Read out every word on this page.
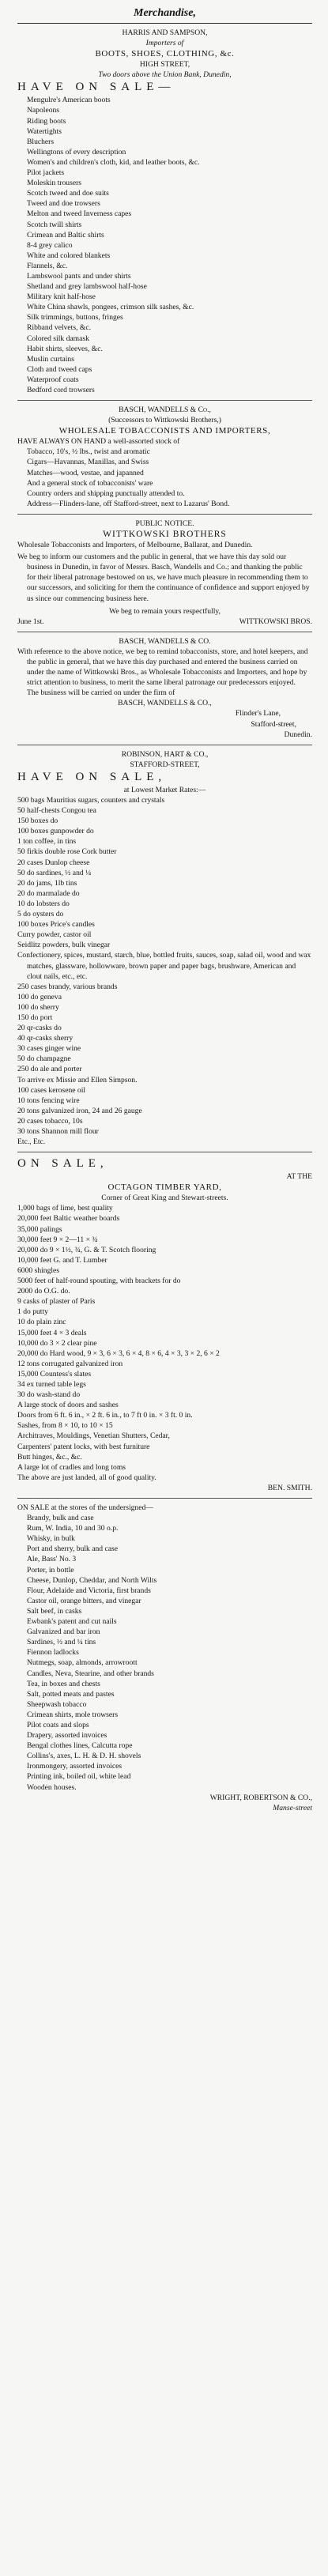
Merchandise,
HARRIS AND SAMPSON,
Importers of
BOOTS, SHOES, CLOTHING, &c.
HIGH STREET,
Two doors above the Union Bank, Dunedin,
HAVE ON SALE—
Mengulre's American boots
Napoleons
Riding boots
Watertights
Bluchers
Wellingtons of every description
Women's and children's cloth, kid, and leather boots, &c.
Pilot jackets
Moleskin trousers
Scotch tweed and doe suits
Tweed and doe trowsers
Melton and tweed Inverness capes
Scotch twill shirts
Crimean and Baltic shirts
8-4 grey calico
White and colored blankets
Flannels, &c.
Lambswool pants and under shirts
Shetland and grey lambswool half-hose
Military knit half-hose
White China shawls, pongees, crimson silk sashes, &c.
Silk trimmings, buttons, fringes
Ribband velvets, &c.
Colored silk damask
Habit shirts, sleeves, &c.
Muslin curtains
Cloth and tweed caps
Waterproof coats
Bedford cord trowsers
BASCH, WANDELLS & Co.,
(Successors to Wittkowski Brothers,)
WHOLESALE TOBACCONISTS AND IMPORTERS,
HAVE ALWAYS ON HAND a well-assorted stock of
Tobacco, 10's, ½ lbs., twist and aromatic
Cigars—Havannas, Manillas, and Swiss
Matches—wood, vestae, and japanned
And a general stock of tobacconists' ware
Country orders and shipping punctually attended to.
Address—Flinders-lane, off Stafford-street, next to Lazarus' Bond.
PUBLIC NOTICE.
WITTKOWSKI BROTHERS
Wholesale Tobacconists and Importers, of Melbourne, Ballarat, and Dunedin.
We beg to inform our customers and the public in general, that we have this day sold our business in Dunedin, in favor of Messrs. Basch, Wandells and Co.; and thanking the public for their liberal patronage bestowed on us, we have much pleasure in recommending them to our successors, and soliciting for them the continuance of confidence and support enjoyed by us since our commencing business here.
We beg to remain yours respectfully,
June 1st.	WITTKOWSKI BROS.
BASCH, WANDELLS & CO.
With reference to the above notice, we beg to remind tobacconists, store, and hotel keepers, and the public in general, that we have this day purchased and entered the business carried on under the name of Wittkowski Bros., as Wholesale Tobacconists and Importers, and hope by strict attention to business, to merit the same liberal patronage our predecessors enjoyed.
The business will be carried on under the firm of
BASCH, WANDELLS & CO.,
Flinder's Lane,
Stafford-street,
Dunedin.
ROBINSON, HART & CO.,
STAFFORD-STREET,
HAVE ON SALE,
at Lowest Market Rates:—
500 bags Mauritius sugars, counters and crystals
50 half-chests Congou tea
150 boxes do
100 boxes gunpowder do
1 ton coffee, in tins
50 firkis double rose Cork butter
20 cases Dunlop cheese
50 do sardines, ½ and ¼
20 do jams, 1lb tins
20 do marmalade do
10 do lobsters do
5 do oysters do
100 boxes Price's candles
Curry powder, castor oil
Seidlitz powders, bulk vinegar
Confectionery, spices, mustard, starch, blue, bottled fruits, sauces, soap, salad oil, wood and wax matches, glassware, hollowware, brown paper and paper bags, brushware, American and clout nails, etc., etc.
250 cases brandy, various brands
100 do geneva
100 do sherry
150 do port
20 qr-casks do
40 qr-casks sherry
30 cases ginger wine
50 do champagne
250 do ale and porter
To arrive ex Missie and Ellen Simpson.
100 cases kerosene oil
10 tons fencing wire
20 tons galvanized iron, 24 and 26 gauge
20 cases tobacco, 10s
30 tons Shannon mill flour
Etc., Etc.
ON SALE,
AT THE
OCTAGON TIMBER YARD,
Corner of Great King and Stewart-streets.
1,000 bags of lime, best quality
20,000 feet Baltic weather boards
35,000 palings
30,000 feet 9 × 2—11 × ¾
20,000 do 9 × 1½, ¾, G. & T. Scotch flooring
10,000 feet G. and T. Lumber
6000 shingles
5000 feet of half-round spouting, with brackets for do
2000 do O.G. do.
9 casks of plaster of Paris
1 do putty
10 do plain zinc
15,000 feet 4 × 3 deals
10,000 do 3 × 2 clear pine
20,000 do Hard wood, 9 × 3, 6 × 3, 6 × 4, 8 × 6, 4 × 3, 3 × 2, 6 × 2
12 tons corrugated galvanized iron
15,000 Countess's slates
34 ex turned table legs
30 do wash-stand do
A large stock of doors and sashes
Doors from 6 ft. 6 in., × 2 ft. 6 in., to 7 ft 0 in. × 3 ft. 0 in.
Sashes, from 8 × 10, to 10 × 15
Architraves, Mouldings, Venetian Shutters, Cedar,
Carpenters' patent locks, with best furniture
Butt hinges, &c., &c.
A large lot of cradles and long toms
The above are just landed, all of good quality.
BEN. SMITH.
ON SALE at the stores of the undersigned—
Brandy, bulk and case
Rum, W. India, 10 and 30 o.p.
Whisky, in bulk
Port and sherry, bulk and case
Ale, Bass' No. 3
Porter, in bottle
Cheese, Dunlop, Cheddar, and North Wilts
Flour, Adelaide and Victoria, first brands
Castor oil, orange bitters, and vinegar
Salt beef, in casks
Ewbank's patent and cut nails
Galvanized and bar iron
Sardines, ½ and ¼ tins
Fiennon ladlocks
Nutmegs, soap, almonds, arrowroott
Candles, Neva, Stearine, and other brands
Tea, in boxes and chests
Salt, potted meats and pastes
Sheepwash tobacco
Crimean shirts, mole trowsers
Pilot coats and slops
Drapery, assorted invoices
Bengal clothes lines, Calcutta rope
Collins's, axes, L. H. & D. H. shovels
Ironmongery, assorted invoices
Printing ink, boiled oil, white lead
Wooden houses.
WRIGHT, ROBERTSON & CO.,
Manse-street
